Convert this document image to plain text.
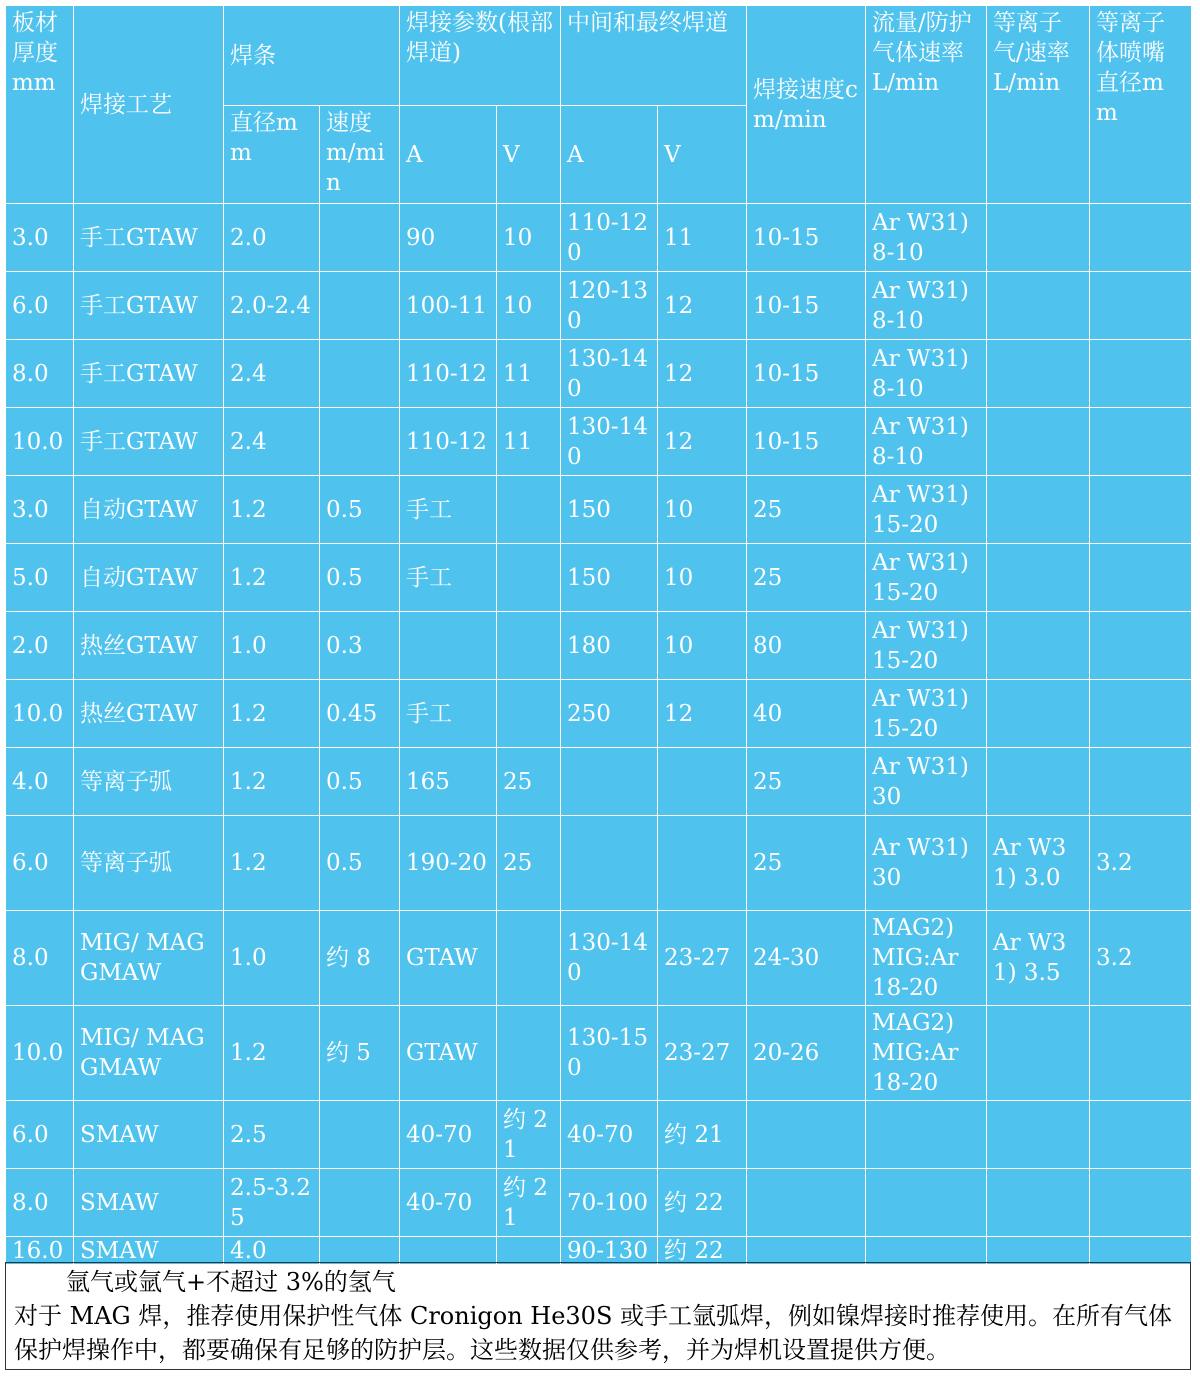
板材厚度mm	焊接工艺	焊条		焊接参数(根部焊道)		中间和最终焊道		焊接速度cm/min	流量/防护气体速率L/min	等离子气/速率L/min	等离子体喷嘴直径mm
		直径mm	速度m/min	A	V	A	V				
3.0	手工GTAW	2.0		90	10	110-120	11	10-15	Ar W31) 8-10		
6.0	手工GTAW	2.0-2.4		100-11	10	120-130	12	10-15	Ar W31) 8-10		
8.0	手工GTAW	2.4		110-12	11	130-140	12	10-15	Ar W31) 8-10		
10.0	手工GTAW	2.4		110-12	11	130-140	12	10-15	Ar W31) 8-10		
3.0	自动GTAW	1.2	0.5	手工		150	10	25	Ar W31) 15-20		
5.0	自动GTAW	1.2	0.5	手工		150	10	25	Ar W31) 15-20		
2.0	热丝GTAW	1.0	0.3			180	10	80	Ar W31) 15-20		
10.0	热丝GTAW	1.2	0.45	手工		250	12	40	Ar W31) 15-20		
4.0	等离子弧	1.2	0.5	165	25			25	Ar W31) 30		
6.0	等离子弧	1.2	0.5	190-20	25			25	Ar W31) 30	Ar W31) 3.0	3.2
8.0	MIG/ MAG GMAW	1.0	约 8	GTAW		130-140	23-27	24-30	MAG2) MIG:Ar 18-20	Ar W31) 3.5	3.2
10.0	MIG/ MAG GMAW	1.2	约 5	GTAW		130-150	23-27	20-26	MAG2) MIG:Ar 18-20		
6.0	SMAW	2.5		40-70	约 21	40-70	约 21				
8.0	SMAW	2.5-3.25		40-70	约 21	70-100	约 22				
16.0	SMAW	4.0				90-130	约 22				

氩气或氩气+不超过 3%的氢气

对于 MAG 焊，推荐使用保护性气体 Cronigon He30S 或手工氩弧焊，例如镍焊接时推荐使用。在所有气体保护焊操作中，都要确保有足够的防护层。这些数据仅供参考，并为焊机设置提供方便。
